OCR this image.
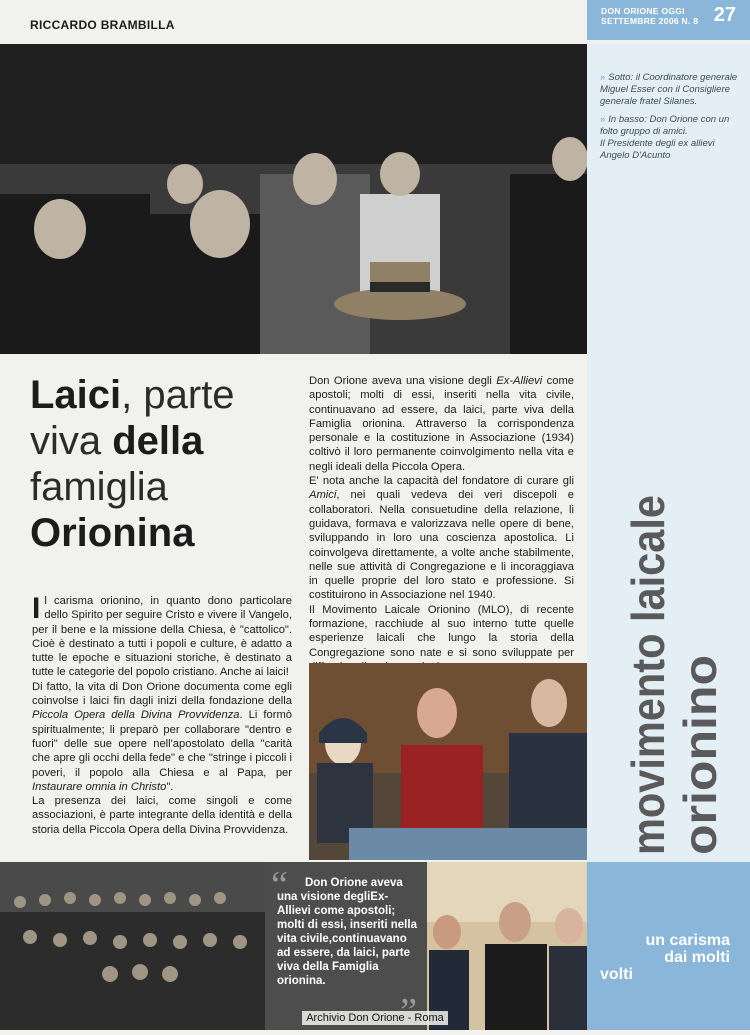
RICCARDO BRAMBILLA
DON ORIONE OGGI
SETTEMBRE 2006 N. 8 27

» Sotto: il Coordinatore generale Miguel Esser con il Consigliere generale fratel Silanes.

» In basso: Don Orione con un folto gruppo di amici.
Il Presidente degli ex allievi Angelo D'Acunto

movimento laicale orionino
Laici, parte
viva della
famiglia
Orionina

Il carisma orionino, in quanto dono particolare dello Spirito per seguire Cristo e vivere il Vangelo, per il bene e la missione della Chiesa, è "cattolico". Cioè è destinato a tutti i popoli e culture, è adatto a tutte le epoche e situazioni storiche, è destinato a tutte le categorie del popolo cristiano. Anche ai laici!

Di fatto, la vita di Don Orione documenta come egli coinvolse i laici fin dagli inizi della fondazione della Piccola Opera della Divina Provvidenza. Li formò spiritualmente; li preparò per collaborare "dentro e fuori" delle sue opere nell'apostolato della "carità che apre gli occhi della fede" e che "stringe i piccoli i poveri, il popolo alla Chiesa e al Papa, per Instaurare omnia in Christo".

La presenza dei laici, come singoli e come associazioni, è parte integrante della identità e della storia della Piccola Opera della Divina Provvidenza.

Don Orione aveva una visione degli Ex-Allievi come apostoli; molti di essi, inseriti nella vita civile, continuavano ad essere, da laici, parte viva della Famiglia orionina. Attraverso la corrispondenza personale e la costituzione in Associazione (1934) coltivò il loro permanente coinvolgimento nella vita e negli ideali della Piccola Opera.

E' nota anche la capacità del fondatore di curare gli Amici, nei quali vedeva dei veri discepoli e collaboratori. Nella consuetudine della relazione, li guidava, formava e valorizzava nelle opere di bene, sviluppando in loro una coscienza apostolica. Li coinvolgeva direttamente, a volte anche stabilmente, nelle sue attività di Congregazione e li incoraggiava in quelle proprie del loro stato e professione. Si costituirono in Associazione nel 1940.

Il Movimento Laicale Orionino (MLO), di recente formazione, racchiude al suo interno tutte quelle esperienze laicali che lungo la storia della Congregazione sono nate e si sono sviluppate per

“	Don Orione aveva una visione degliEx-Allievi come apostoli; molti di essi, inseriti nella vita civile,continuavano ad essere, da laici, parte viva della Famiglia orionina.
un carisma
dai molti
volti
Archivio Don Orione - Roma
